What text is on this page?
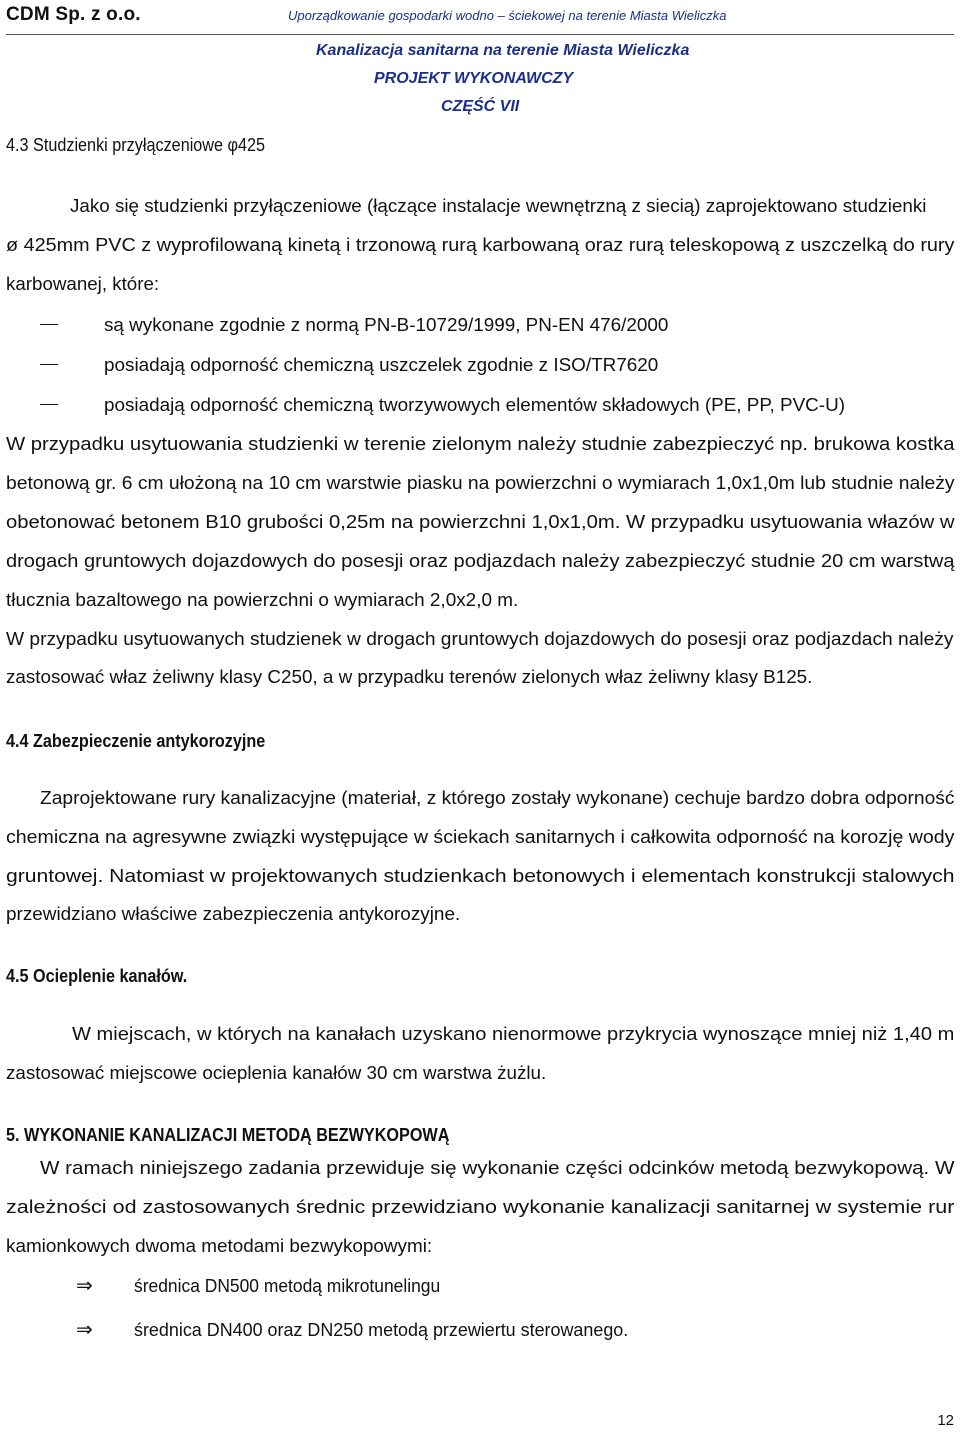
CDM Sp. z o.o.	Uporządkowanie gospodarki wodno – ściekowej na terenie Miasta Wieliczka
Kanalizacja sanitarna na terenie Miasta Wieliczka
PROJEKT WYKONAWCZY
CZĘŚĆ VII
4.3 Studzienki przyłączeniowe φ425
Jako się studzienki przyłączeniowe (łączące instalacje wewnętrzną z siecią) zaprojektowano studzienki
ø 425mm PVC z wyprofilowaną kinetą i trzonową rurą karbowaną oraz rurą teleskopową z uszczelką do rury
karbowanej, które:
są wykonane zgodnie z normą PN-B-10729/1999, PN-EN 476/2000
posiadają odporność chemiczną uszczelek zgodnie z ISO/TR7620
posiadają odporność chemiczną tworzywowych elementów składowych (PE, PP, PVC-U)
W przypadku usytuowania studzienki w terenie zielonym należy studnie zabezpieczyć np. brukowa kostka
betonową gr. 6 cm ułożoną na 10 cm warstwie piasku na powierzchni o wymiarach 1,0x1,0m lub studnie należy
obetonować betonem B10 grubości 0,25m na powierzchni 1,0x1,0m. W przypadku usytuowania włazów w
drogach gruntowych dojazdowych do posesji oraz podjazdach należy zabezpieczyć studnie 20 cm warstwą
tłucznia bazaltowego na powierzchni o wymiarach 2,0x2,0 m.
W przypadku usytuowanych studzienek w drogach gruntowych dojazdowych do posesji oraz podjazdach należy
zastosować właz żeliwny klasy C250, a w przypadku terenów zielonych właz żeliwny klasy B125.
4.4 Zabezpieczenie antykorozyjne
Zaprojektowane rury kanalizacyjne (materiał, z którego zostały wykonane) cechuje bardzo dobra odporność
chemiczna na agresywne związki występujące w ściekach sanitarnych i całkowita odporność na korozję wody
gruntowej. Natomiast w projektowanych studzienkach betonowych i elementach konstrukcji stalowych
przewidziano właściwe zabezpieczenia antykorozyjne.
4.5 Ocieplenie kanałów.
W miejscach, w których na kanałach uzyskano nienormowe przykrycia wynoszące mniej niż 1,40 m
zastosować miejscowe ocieplenia kanałów 30 cm warstwa żużlu.
5. WYKONANIE KANALIZACJI METODĄ BEZWYKOPOWĄ
W ramach niniejszego zadania przewiduje się wykonanie części odcinków metodą bezwykopową. W
zależności od zastosowanych średnic przewidziano wykonanie kanalizacji sanitarnej w systemie rur
kamionkowych dwoma metodami bezwykopowymi:
⇒ średnica DN500 metodą mikrotunelingu
⇒ średnica DN400 oraz DN250 metodą przewiertu sterowanego.
12
